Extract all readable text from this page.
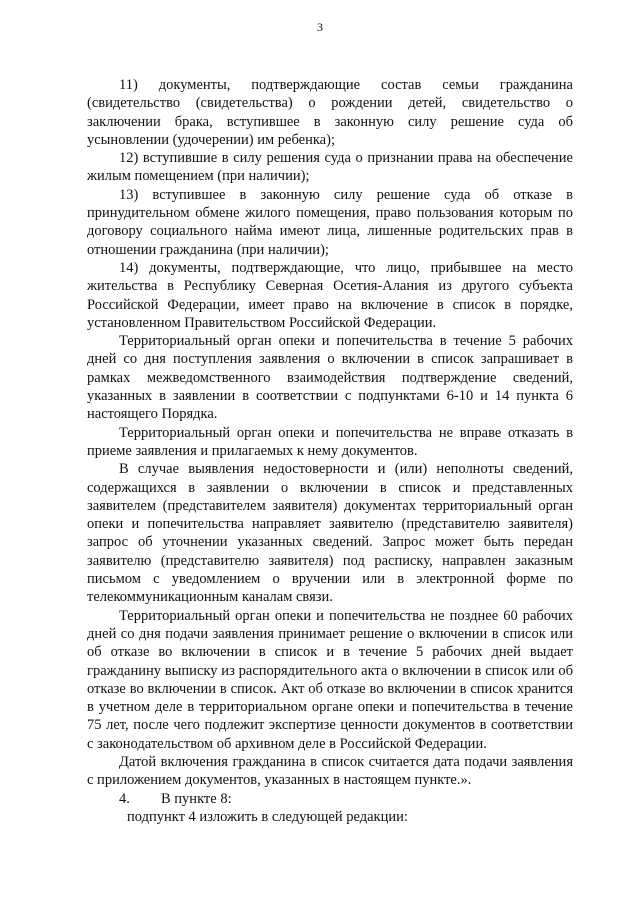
3

11) документы, подтверждающие состав семьи гражданина (свидетельство (свидетельства) о рождении детей, свидетельство о заключении брака, вступившее в законную силу решение суда об усыновлении (удочерении) им ребенка);

12) вступившие в силу решения суда о признании права на обеспечение жилым помещением (при наличии);

13) вступившее в законную силу решение суда об отказе в принудительном обмене жилого помещения, право пользования которым по договору социального найма имеют лица, лишенные родительских прав в отношении гражданина (при наличии);

14) документы, подтверждающие, что лицо, прибывшее на место жительства в Республику Северная Осетия-Алания из другого субъекта Российской Федерации, имеет право на включение в список в порядке, установленном Правительством Российской Федерации.

Территориальный орган опеки и попечительства в течение 5 рабочих дней со дня поступления заявления о включении в список запрашивает в рамках межведомственного взаимодействия подтверждение сведений, указанных в заявлении в соответствии с подпунктами 6-10 и 14 пункта 6 настоящего Порядка.

Территориальный орган опеки и попечительства не вправе отказать в приеме заявления и прилагаемых к нему документов.

В случае выявления недостоверности и (или) неполноты сведений, содержащихся в заявлении о включении в список и представленных заявителем (представителем заявителя) документах территориальный орган опеки и попечительства направляет заявителю (представителю заявителя) запрос об уточнении указанных сведений. Запрос может быть передан заявителю (представителю заявителя) под расписку, направлен заказным письмом с уведомлением о вручении или в электронной форме по телекоммуникационным каналам связи.

Территориальный орган опеки и попечительства не позднее 60 рабочих дней со дня подачи заявления принимает решение о включении в список или об отказе во включении в список и в течение 5 рабочих дней выдает гражданину выписку из распорядительного акта о включении в список или об отказе во включении в список. Акт об отказе во включении в список хранится в учетном деле в территориальном органе опеки и попечительства в течение 75 лет, после чего подлежит экспертизе ценности документов в соответствии с законодательством об архивном деле в Российской Федерации.

Датой включения гражданина в список считается дата подачи заявления с приложением документов, указанных в настоящем пункте.».

4. В пункте 8:

подпункт 4 изложить в следующей редакции:
